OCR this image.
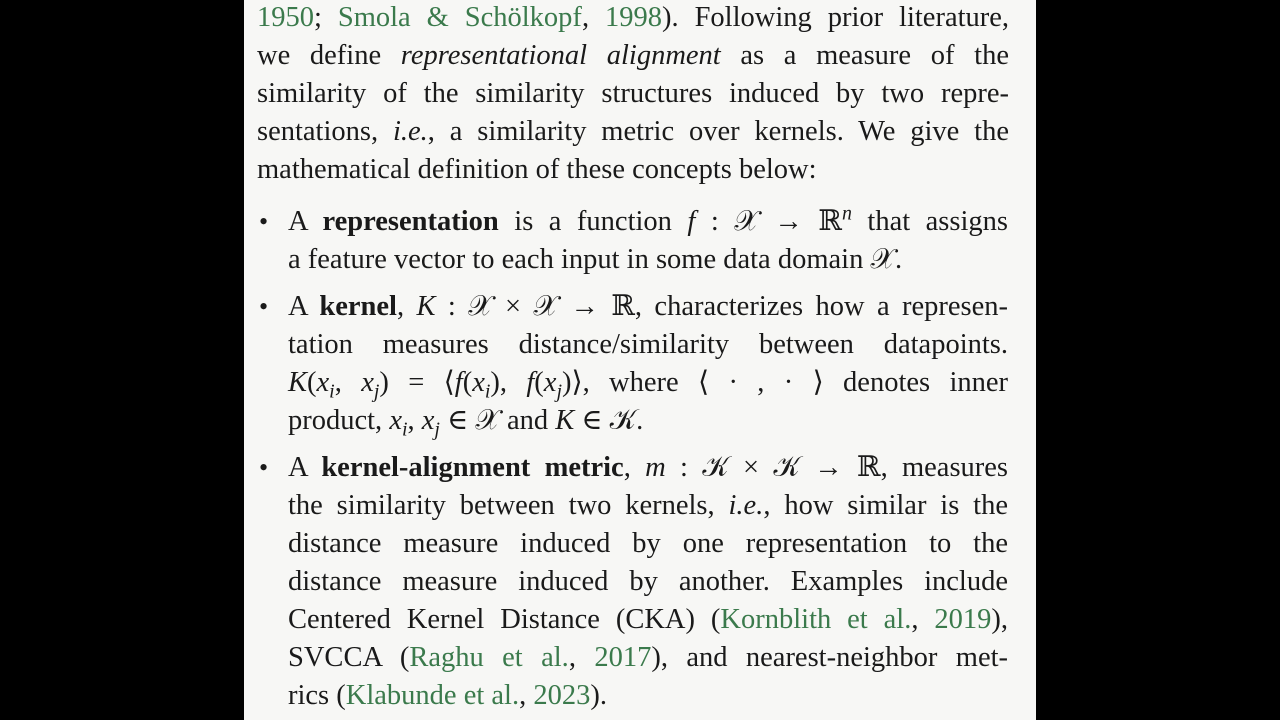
1950; Smola & Schölkopf, 1998). Following prior literature,
we define representational alignment as a measure of the
similarity of the similarity structures induced by two repre-
sentations, i.e., a similarity metric over kernels. We give the
mathematical definition of these concepts below:
• A representation is a function f : 𝒳 → ℝ$^n$ that assigns
a feature vector to each input in some data domain 𝒳.
• A kernel, K : 𝒳 × 𝒳 → ℝ, characterizes how a represen-
tation measures distance/similarity between datapoints.
$K(x_i$, $x_j$) = $⟨f(x_i)$, $f(x_j)⟩$, where ⟨ · , · ⟩ denotes inner
product, $x_i$, $x_j$ ∈ 𝒳 and K ∈ 𝒦.
• A kernel-alignment metric, m : 𝒦 × 𝒦 → ℝ, measures
the similarity between two kernels, i.e., how similar is the
distance measure induced by one representation to the
distance measure induced by another. Examples include
Centered Kernel Distance (CKA) (Kornblith et al., 2019),
SVCCA (Raghu et al., 2017), and nearest-neighbor met-
rics (Klabunde et al., 2023).
